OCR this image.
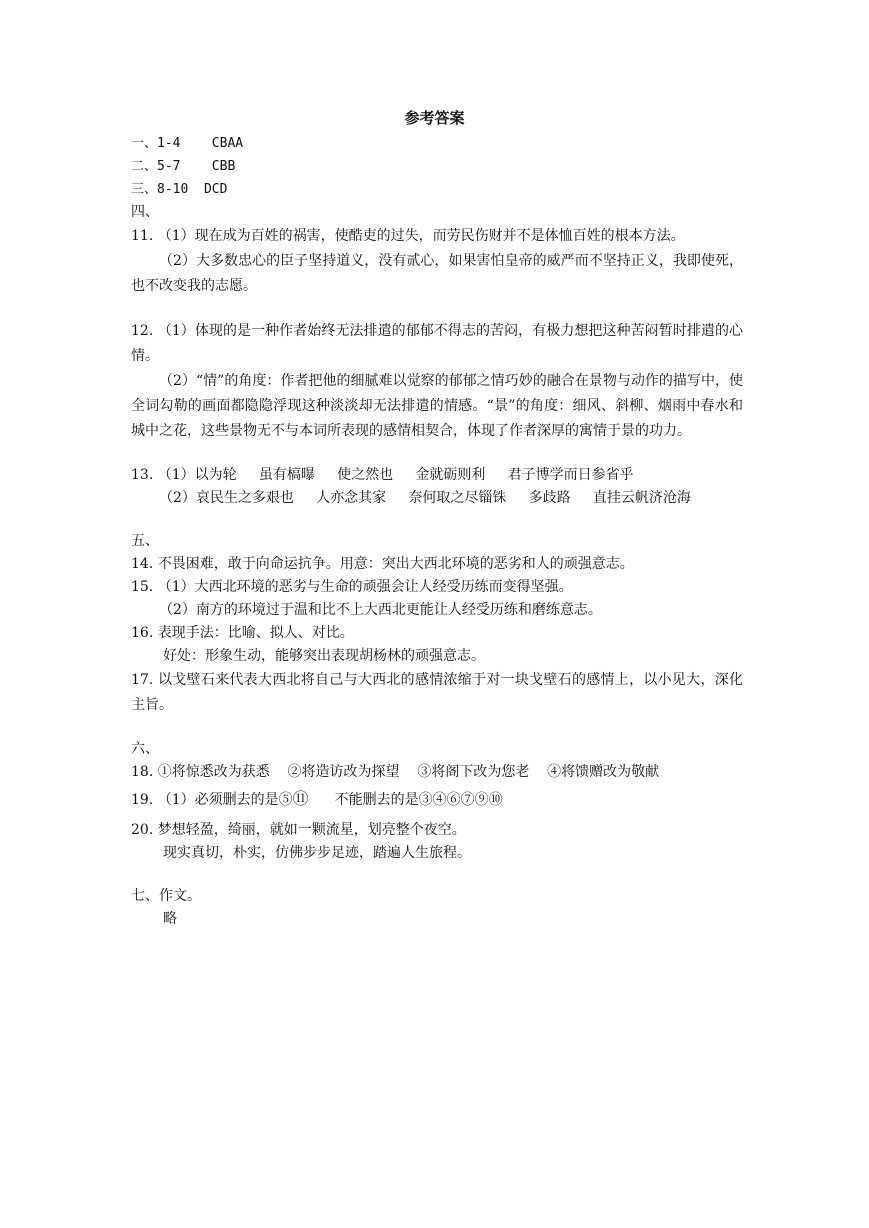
参考答案
一、1-4    CBAA
二、5-7    CBB
三、8-10  DCD
四、
11. （1）现在成为百姓的祸害，使酷吏的过失，而劳民伤财并不是体恤百姓的根本方法。
（2）大多数忠心的臣子坚持道义，没有贰心，如果害怕皇帝的威严而不坚持正义，我即使死，也不改变我的志愿。
12. （1）体现的是一种作者始终无法排遣的郁郁不得志的苦闷，有极力想把这种苦闷暂时排遣的心情。
（2）“情”的角度：作者把他的细腻难以觉察的郁郁之情巧妙的融合在景物与动作的描写中，使全词勾勒的画面都隐隐浮现这种淡淡却无法排遣的情感。“景”的角度：细风、斜柳、烟雨中春水和城中之花，这些景物无不与本词所表现的感情相契合，体现了作者深厚的寓情于景的功力。
13. （1）以为轮     虽有槁曝     使之然也     金就砺则利     君子博学而日参省乎
（2）哀民生之多艰也     人亦念其家     奈何取之尽锱铢     多歧路     直挂云帆济沧海
五、
14. 不畏困难，敢于向命运抗争。用意：突出大西北环境的恶劣和人的顽强意志。
15. （1）大西北环境的恶劣与生命的顽强会让人经受历练而变得坚强。
（2）南方的环境过于温和比不上大西北更能让人经受历练和磨练意志。
16. 表现手法：比喻、拟人、对比。
好处：形象生动，能够突出表现胡杨林的顽强意志。
17. 以戈壁石来代表大西北将自己与大西北的感情浓缩于对一块戈壁石的感情上，以小见大，深化主旨。
六、
18. ①将惊悉改为获悉    ②将造访改为探望    ③将阁下改为您老    ④将馈赠改为敬献
19. （1）必须删去的是⑤⑪ 不能删去的是③④⑥⑦⑨⑩
20. 梦想轻盈，绮丽，就如一颗流星，划亮整个夜空。
现实真切，朴实，仿佛步步足迹，踏遍人生旅程。
七、作文。
略
